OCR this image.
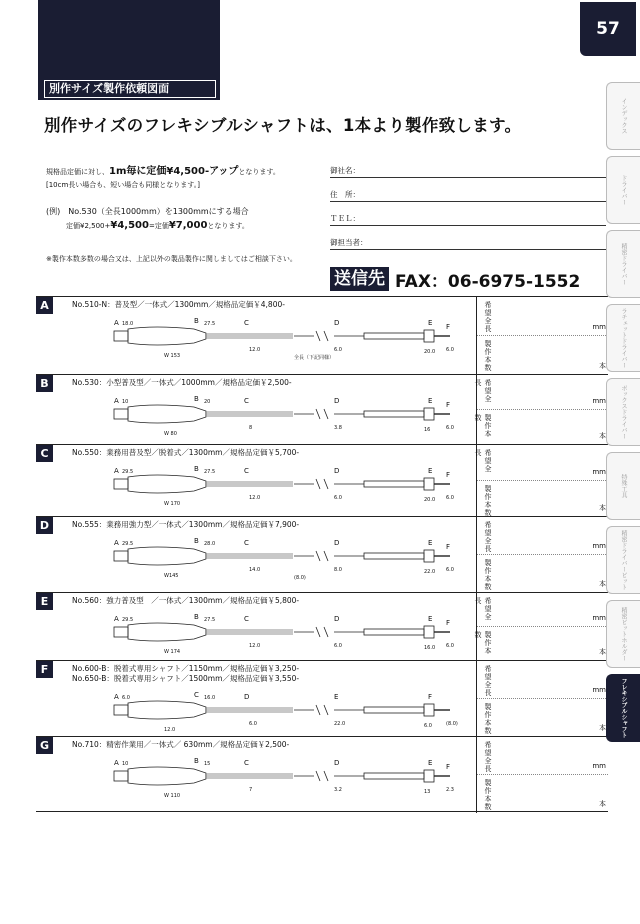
別作サイズ製作依頼図面
57
別作サイズのフレキシブルシャフトは、1本より製作致します。
規格品定価に対し、1m毎に定価¥4,500-アップとなります。
[10cm長い場合も、短い場合も同様となります。]
(例)　No.530（全長1000mm）を1300mmにする場合
定価¥2,500+¥4,500=定価¥7,000となります。
※製作本数多数の場合又は、上記以外の製品製作に関しましてはご相談下さい。
御社名：
住　所：
ＴＥＬ：
御担当者：
送信先 FAX：06-6975-1552
A	No.510-N：普及型／一体式／1300mm／規格品定価￥4,800-	希望全長	mm
製作本数	本
A	B	C	D	E F
18.0	27.5
W 153
12.0	6.0	20.0 6.0
全長（下記同様）
B	No.530：小型普及型／一体式／1000mm／規格品定価￥2,500-	希望全長
mm
製作本数
本
A	B	C	D	E F
10	20
W 80
8	3.8	16	6.0
C	No.550：業務用普及型／脱着式／1300mm／規格品定価￥5,700-	希望全長
mm
製作本数	本
A	B	C	D	E F
29.5	27.5
W 170
12.0	6.0	20.0 6.0
D	No.555：業務用強力型／一体式／1300mm／規格品定価￥7,900-	希望全長	mm
製作本数	本
A	B	C	D	E F
29.5	28.0
W145
14.0	8.0	22.0 6.0
(8.0)
E	No.560：強力普及型　／一体式／1300mm／規格品定価￥5,800-	希望全長
mm
製作本数
本
A	B	C	D	E F
29.5	27.5
W 174
12.0	6.0	16.0 6.0
F	No.600-B：脱着式専用シャフト／1150mm／規格品定価￥3,250-
No.650-B：脱着式専用シャフト／1500mm／規格品定価￥3,550-	希望全長	mm
製作本数	本
A	C	D	E	F
6.0	16.0
12.0
6.0	22.0	6.0	(8.0)
G	No.710：精密作業用／一体式／ 630mm／規格品定価￥2,500-	希望全長	mm
製作本数	本
A	B	C	D	E F
10	15
W 110
7	3.2	13	2.3
インデックス
ドライバー
精密ドライバー
ラチェットドライバー
ボックスドライバー
特殊工具
精密ドライバービット
精密ビットホルダー
フレキシブルシャフト
